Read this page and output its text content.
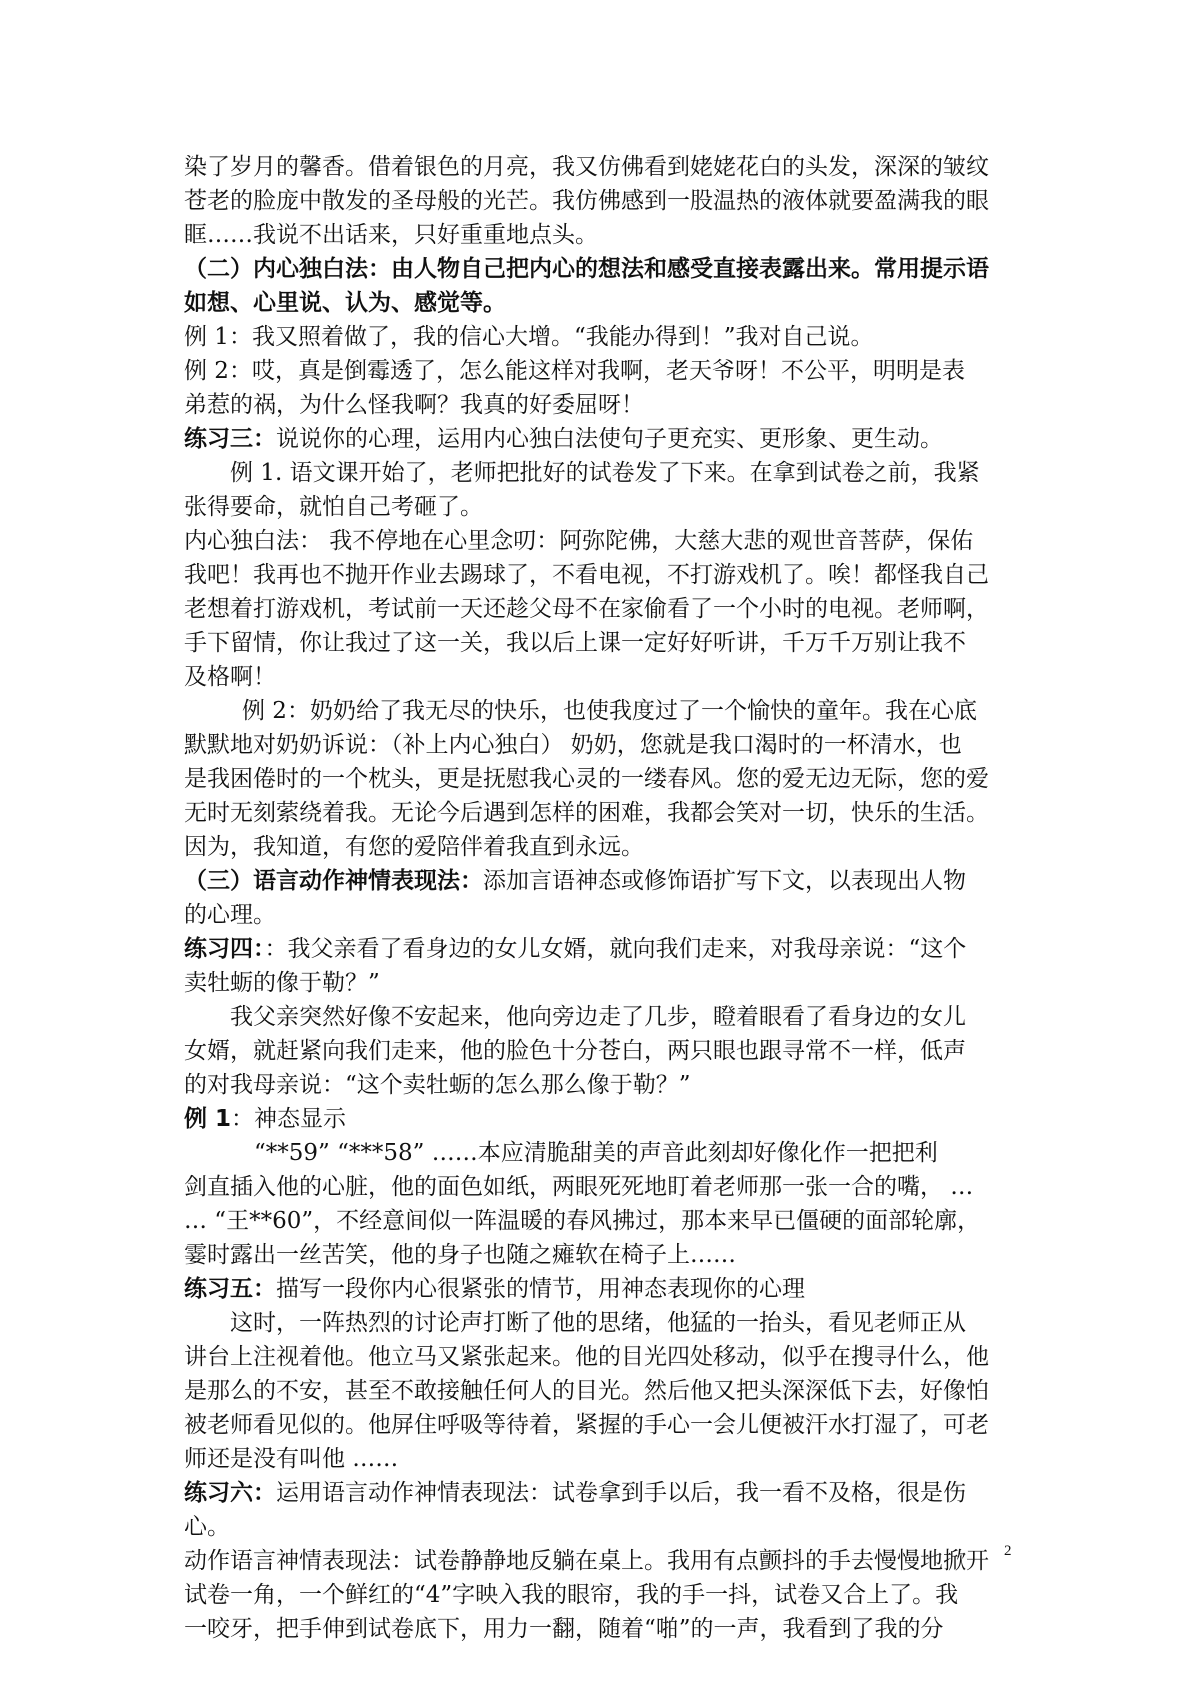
染了岁月的馨香。借着银色的月亮，我又仿佛看到姥姥花白的头发，深深的皱纹
苍老的脸庞中散发的圣母般的光芒。我仿佛感到一股温热的液体就要盈满我的眼
眶……我说不出话来，只好重重地点头。
（二）内心独白法：由人物自己把内心的想法和感受直接表露出来。常用提示语
如想、心里说、认为、感觉等。
例 1：我又照着做了，我的信心大增。“我能办得到！”我对自己说。
例 2：哎，真是倒霉透了，怎么能这样对我啊，老天爷呀！不公平，明明是表
弟惹的祸，为什么怪我啊？我真的好委屈呀！
练习三：说说你的心理，运用内心独白法使句子更充实、更形象、更生动。
例 1. 语文课开始了，老师把批好的试卷发了下来。在拿到试卷之前，我紧
张得要命，就怕自己考砸了。
内心独白法： 我不停地在心里念叨：阿弥陀佛，大慈大悲的观世音菩萨，保佑
我吧！我再也不抛开作业去踢球了，不看电视，不打游戏机了。唉！都怪我自己
老想着打游戏机，考试前一天还趁父母不在家偷看了一个小时的电视。老师啊，
手下留情，你让我过了这一关，我以后上课一定好好听讲，千万千万别让我不
及格啊！
例 2：奶奶给了我无尽的快乐，也使我度过了一个愉快的童年。我在心底
默默地对奶奶诉说：（补上内心独白） 奶奶，您就是我口渴时的一杯清水，也
是我困倦时的一个枕头，更是抚慰我心灵的一缕春风。您的爱无边无际，您的爱
无时无刻萦绕着我。无论今后遇到怎样的困难，我都会笑对一切，快乐的生活。
因为，我知道，有您的爱陪伴着我直到永远。
（三）语言动作神情表现法：添加言语神态或修饰语扩写下文，以表现出人物
的心理。
练习四：：我父亲看了看身边的女儿女婿，就向我们走来，对我母亲说：“这个
卖牡蛎的像于勒？”
我父亲突然好像不安起来，他向旁边走了几步，瞪着眼看了看身边的女儿
女婿，就赶紧向我们走来，他的脸色十分苍白，两只眼也跟寻常不一样，低声
的对我母亲说：“这个卖牡蛎的怎么那么像于勒？”
例 1：神态显示
“**59” “***58” ……本应清脆甜美的声音此刻却好像化作一把把利
剑直插入他的心脏，他的面色如纸，两眼死死地盯着老师那一张一合的嘴， …
… “王**60”，不经意间似一阵温暖的春风拂过，那本来早已僵硬的面部轮廓，
霎时露出一丝苦笑，他的身子也随之瘫软在椅子上……
练习五：描写一段你内心很紧张的情节，用神态表现你的心理
这时，一阵热烈的讨论声打断了他的思绪，他猛的一抬头，看见老师正从
讲台上注视着他。他立马又紧张起来。他的目光四处移动，似乎在搜寻什么，他
是那么的不安，甚至不敢接触任何人的目光。然后他又把头深深低下去，好像怕
被老师看见似的。他屏住呼吸等待着，紧握的手心一会儿便被汗水打湿了，可老
师还是没有叫他 ……
练习六：运用语言动作神情表现法：试卷拿到手以后，我一看不及格，很是伤
心。
动作语言神情表现法：试卷静静地反躺在桌上。我用有点颤抖的手去慢慢地掀开
试卷一角，一个鲜红的“4”字映入我的眼帘，我的手一抖，试卷又合上了。我
一咬牙，把手伸到试卷底下，用力一翻，随着“啪”的一声，我看到了我的分
2
